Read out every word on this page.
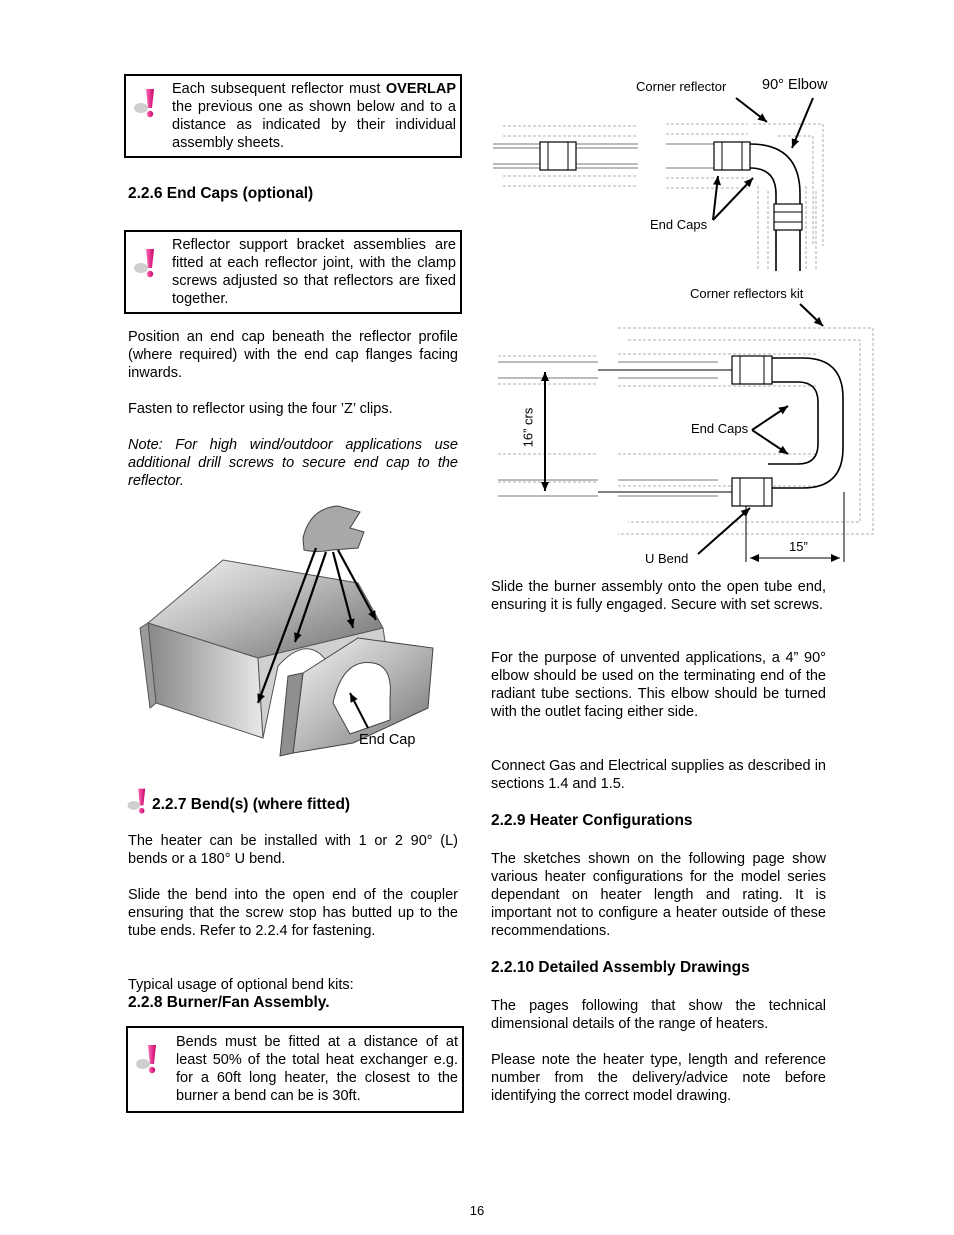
Each subsequent reflector must OVERLAP the previous one as shown below and to a distance as indicated by their individual assembly sheets.
2.2.6 End Caps (optional)
Reflector support bracket assemblies are fitted at each reflector joint, with the clamp screws adjusted so that reflectors are fixed together.

Position an end cap beneath the reflector profile (where required) with the end cap flanges facing inwards.

Fasten to reflector using the four ’Z’ clips.

Note: For high wind/outdoor applications use additional drill screws to secure end cap to the reflector.

End Cap
2.2.7 Bend(s) (where fitted)

The heater can be installed with 1 or 2 90° (L) bends or a 180° U bend.

Slide the bend into the open end of the coupler ensuring that the screw stop has butted up to the tube ends. Refer to 2.2.4 for fastening.

Typical usage of optional bend kits:

2.2.8 Burner/Fan Assembly.
Bends must be fitted at a distance of at least 50% of the total heat exchanger e.g. for a 60ft long heater, the closest to the burner a bend can be is 30ft.
Corner reflector 90° Elbow
End Caps
Corner reflectors kit
16” crs	End Caps
U Bend
15”

Slide the burner assembly onto the open tube end, ensuring it is fully engaged. Secure with set screws.

For the purpose of unvented applications, a 4” 90° elbow should be used on the terminating end of the radiant tube sections. This elbow should be turned with the outlet facing either side.

Connect Gas and Electrical supplies as described in sections 1.4 and 1.5.

2.2.9 Heater Configurations

The sketches shown on the following page show various heater configurations for the model series dependant on heater length and rating. It is important not to configure a heater outside of these recommendations.

2.2.10 Detailed Assembly Drawings

The pages following that show the technical dimensional details of the range of heaters.

Please note the heater type, length and reference number from the delivery/advice note before identifying the correct model drawing.

16
